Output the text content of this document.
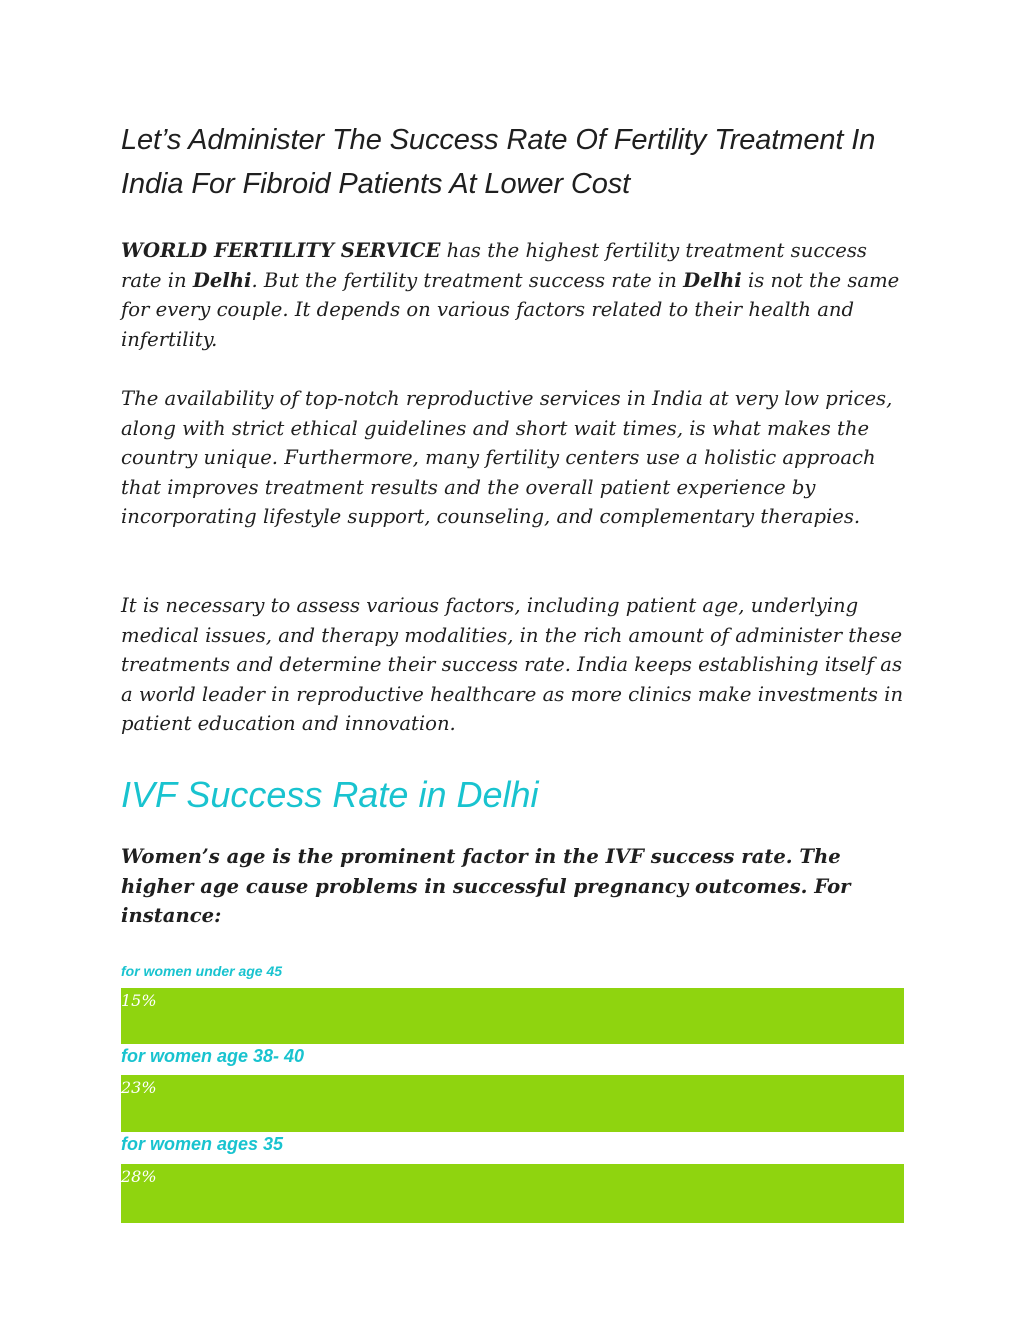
Let’s Administer The Success Rate Of Fertility Treatment In India For Fibroid Patients At Lower Cost

WORLD FERTILITY SERVICE has the highest fertility treatment success rate in Delhi. But the fertility treatment success rate in Delhi is not the same for every couple. It depends on various factors related to their health and infertility.

The availability of top-notch reproductive services in India at very low prices, along with strict ethical guidelines and short wait times, is what makes the country unique. Furthermore, many fertility centers use a holistic approach that improves treatment results and the overall patient experience by incorporating lifestyle support, counseling, and complementary therapies.

It is necessary to assess various factors, including patient age, underlying medical issues, and therapy modalities, in the rich amount of administer these treatments and determine their success rate. India keeps establishing itself as a world leader in reproductive healthcare as more clinics make investments in patient education and innovation.

IVF Success Rate in Delhi

Women’s age is the prominent factor in the IVF success rate. The higher age cause problems in successful pregnancy outcomes. For instance:

for women under age 45
15%
for women age 38- 40
23%
for women ages 35
28%
